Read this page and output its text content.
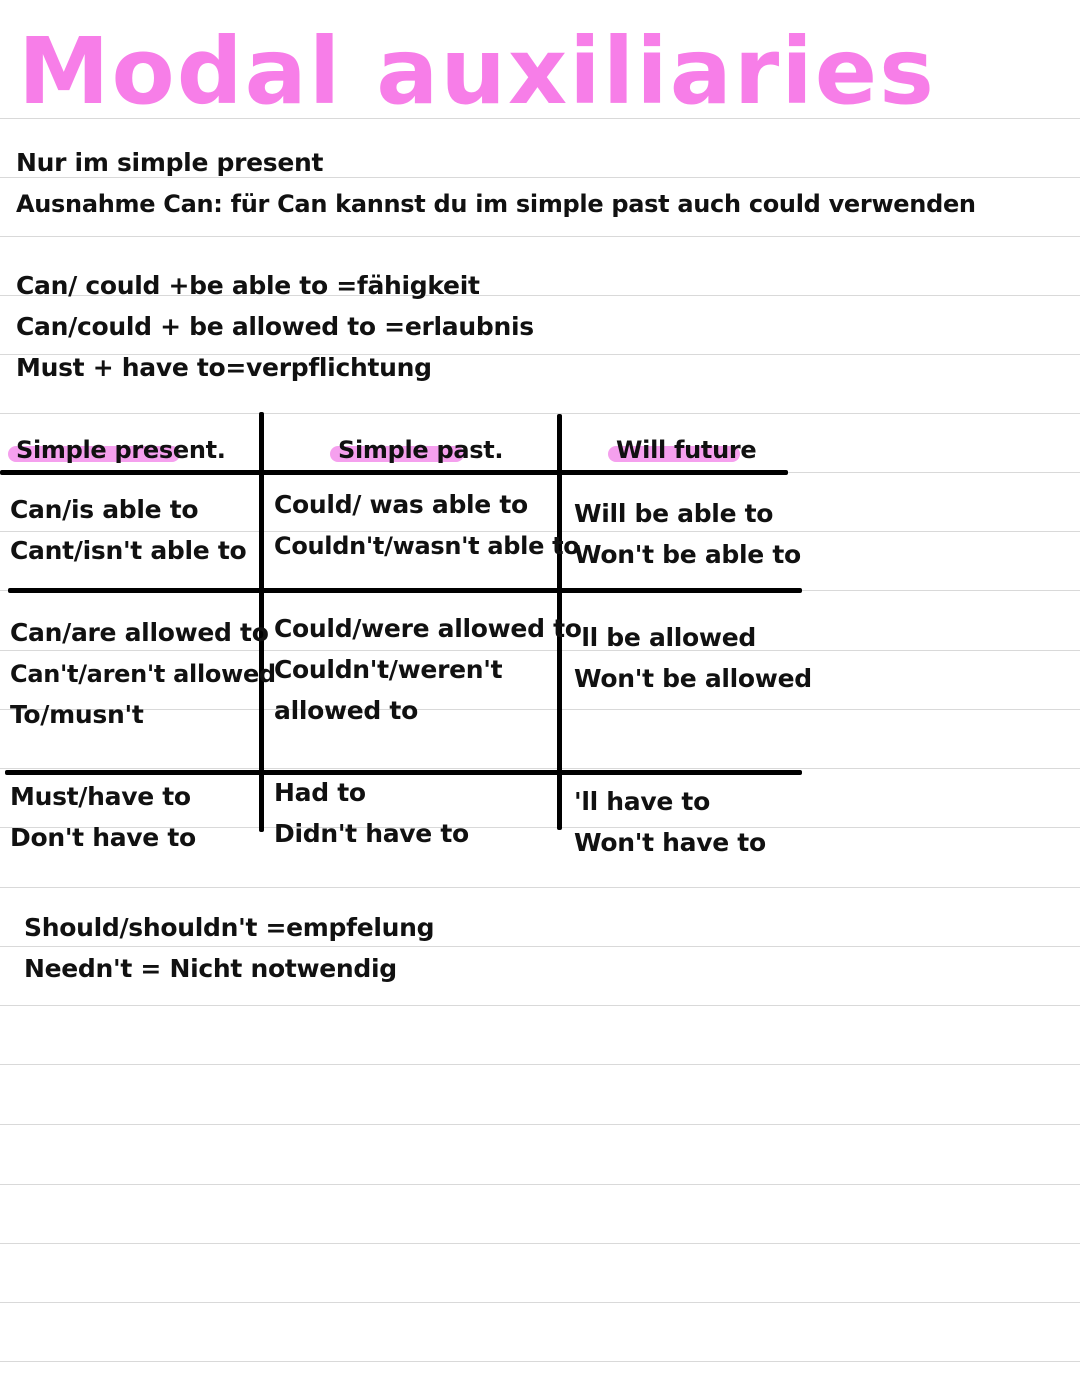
Modal auxiliaries
Nur im simple present
Ausnahme Can: für Can kannst du im simple past auch could verwenden
Can/ could +be able to =fähigkeit
Can/could + be allowed to =erlaubnis
Must + have to=verpflichtung
Simple present.	Simple past.	Will future
Can/is able to
Cant/isn't able to
Could/ was able to
Couldn't/wasn't able to
Will be able to
Won't be able to
Can/are allowed to
Can't/aren't allowed
To/musn't
Could/were allowed to
Couldn't/weren't
allowed to
'll be allowed
Won't be allowed
Must/have to
Don't have to
Had to
Didn't have to
'll have to
Won't have to
Should/shouldn't =empfelung
Needn't = Nicht notwendig
